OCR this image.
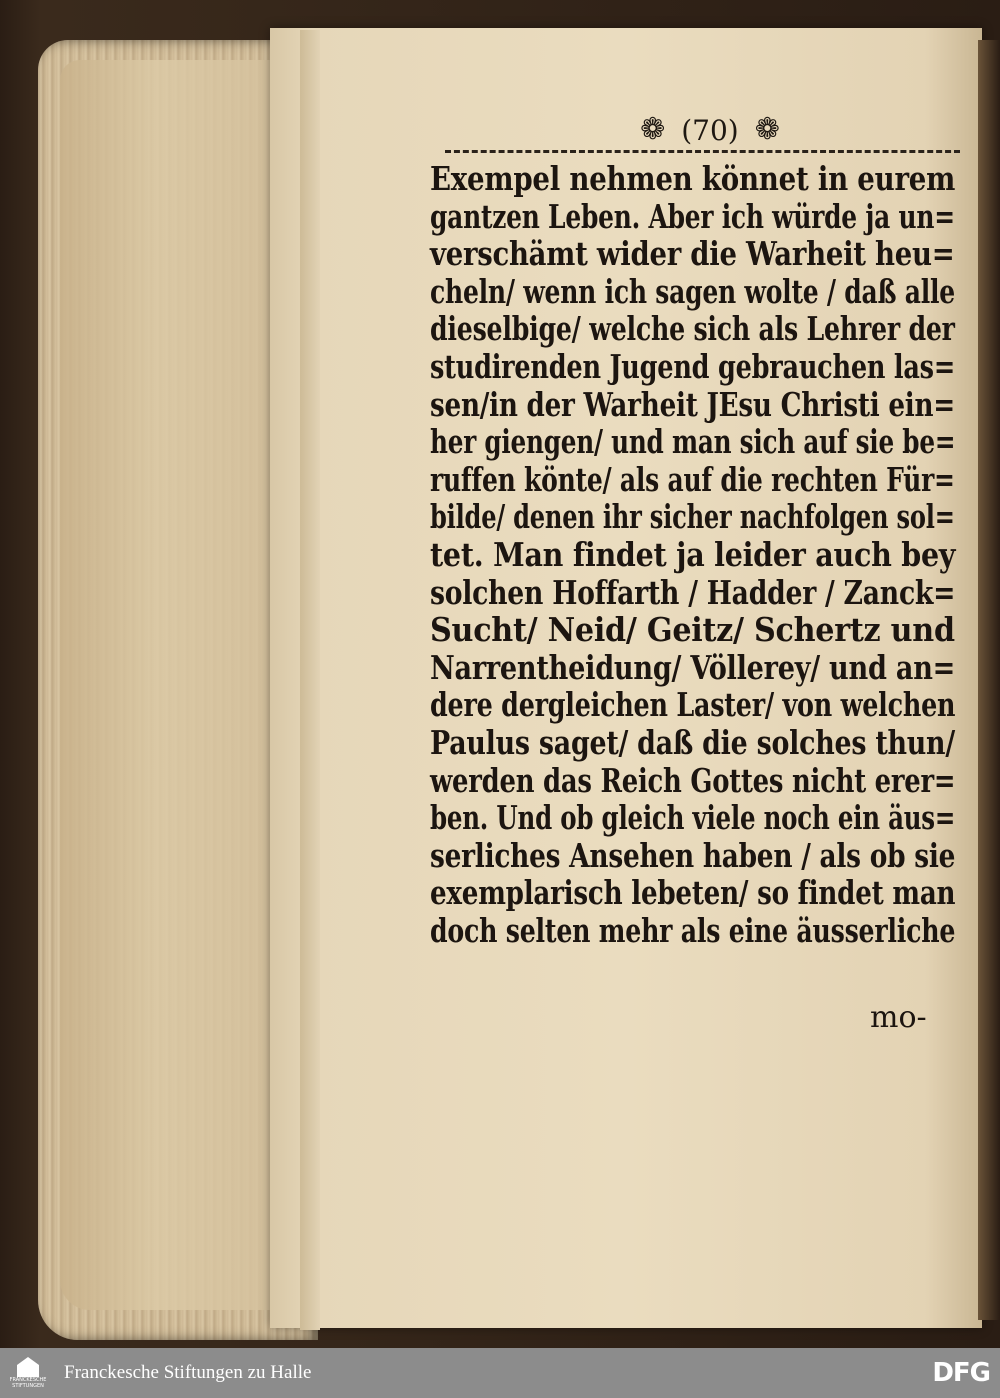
❁ (70) ❁
Exempel nehmen könnet in eurem
gantzen Leben. Aber ich würde ja un=
verschämt wider die Warheit heu=
cheln/ wenn ich sagen wolte / daß alle
dieselbige/ welche sich als Lehrer der
studirenden Jugend gebrauchen las=
sen/in der Warheit JEsu Christi ein=
her giengen/ und man sich auf sie be=
ruffen könte/ als auf die rechten Für=
bilde/ denen ihr sicher nachfolgen sol=
tet. Man findet ja leider auch bey
solchen Hoffarth / Hadder / Zanck=
Sucht/ Neid/ Geitz/ Schertz und
Narrentheidung/ Völlerey/ und an=
dere dergleichen Laster/ von welchen
Paulus saget/ daß die solches thun/
werden das Reich Gottes nicht erer=
ben. Und ob gleich viele noch ein äus=
serliches Ansehen haben / als ob sie
exemplarisch lebeten/ so findet man
doch selten mehr als eine äusserliche
mo-
FRANCKESCHE STIFTUNGEN
Franckesche Stiftungen zu Halle	DFG
